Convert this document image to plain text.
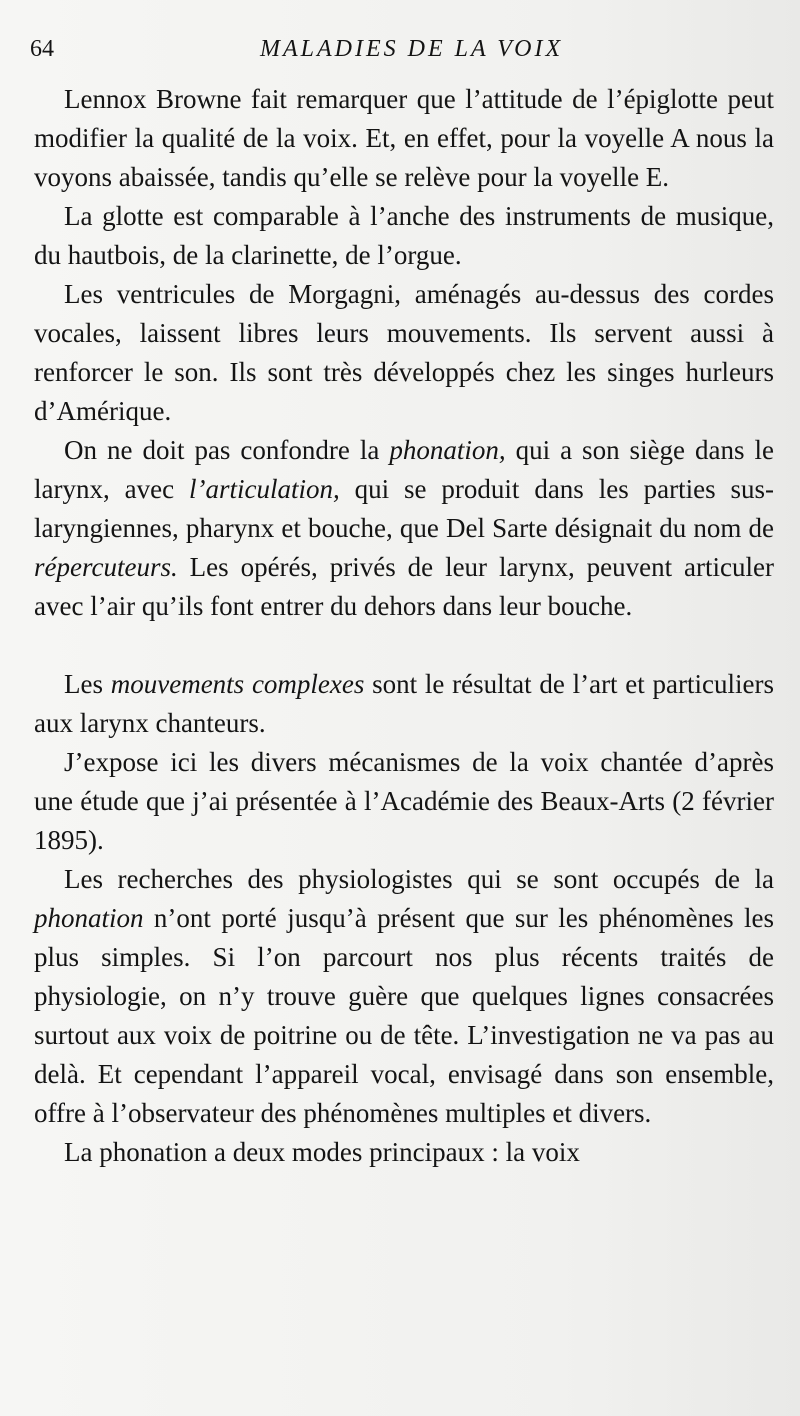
64	MALADIES DE LA VOIX

Lennox Browne fait remarquer que l’attitude de l’épiglotte peut modifier la qualité de la voix. Et, en effet, pour la voyelle A nous la voyons abaissée, tandis qu’elle se relève pour la voyelle E.

La glotte est comparable à l’anche des instruments de musique, du hautbois, de la clarinette, de l’orgue.

Les ventricules de Morgagni, aménagés au-dessus des cordes vocales, laissent libres leurs mouvements. Ils servent aussi à renforcer le son. Ils sont très développés chez les singes hurleurs d’Amérique.

On ne doit pas confondre la phonation, qui a son siège dans le larynx, avec l’articulation, qui se produit dans les parties sus-laryngiennes, pharynx et bouche, que Del Sarte désignait du nom de répercuteurs. Les opérés, privés de leur larynx, peuvent articuler avec l’air qu’ils font entrer du dehors dans leur bouche.

Les mouvements complexes sont le résultat de l’art et particuliers aux larynx chanteurs.

J’expose ici les divers mécanismes de la voix chantée d’après une étude que j’ai présentée à l’Académie des Beaux-Arts (2 février 1895).

Les recherches des physiologistes qui se sont occupés de la phonation n’ont porté jusqu’à présent que sur les phénomènes les plus simples. Si l’on parcourt nos plus récents traités de physiologie, on n’y trouve guère que quelques lignes consacrées surtout aux voix de poitrine ou de tête. L’investigation ne va pas au delà. Et cependant l’appareil vocal, envisagé dans son ensemble, offre à l’observateur des phénomènes multiples et divers.

La phonation a deux modes principaux : la voix
